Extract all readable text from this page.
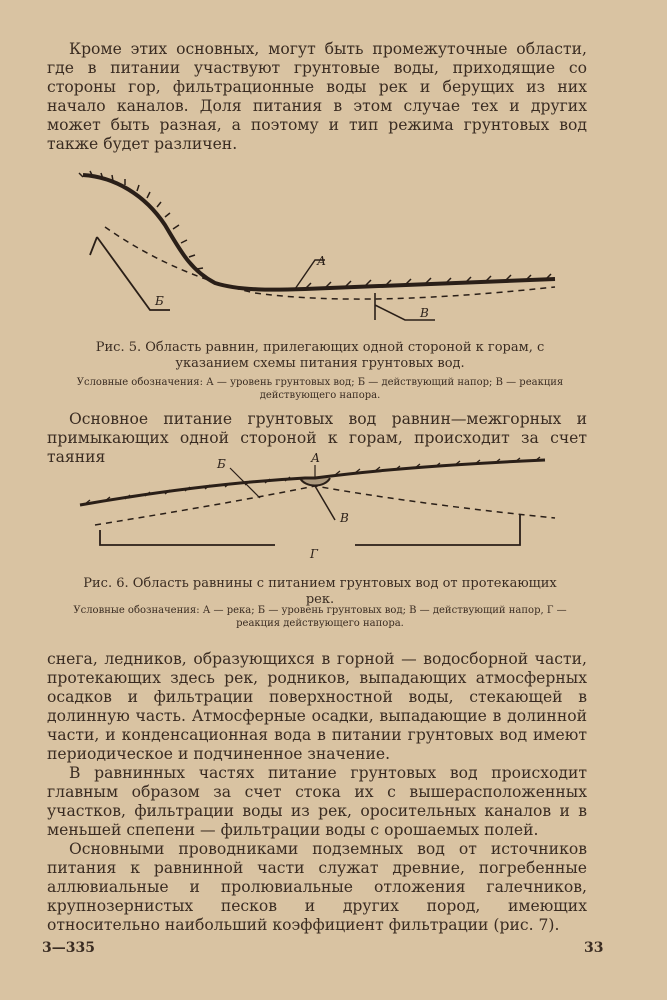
Кроме этих основных, могут быть промежуточные области, где в питании участвуют грунтовые воды, приходящие со стороны гор, фильтрационные воды рек и берущих из них начало каналов. Доля питания в этом случае тех и других может быть разная, а поэтому и тип режима грунтовых вод также будет различен.

А
Б
В

Рис. 5. Область равнин, прилегающих одной стороной к горам, с указанием схемы питания грунтовых вод.

Условные обозначения: А — уровень грунтовых вод; Б — действующий напор; В — реакция действующего напора.

Основное питание грунтовых вод равнин—межгорных и примыкающих одной стороной к горам, происходит за счет таяния	А
Б
В
Г

Рис. 6. Область равнины с питанием грунтовых вод от протекающих рек.

Условные обозначения: А — река; Б — уровень грунтовых вод; В — действующий напор, Г — реакция действующего напора.

снега, ледников, образующихся в горной — водосборной части, протекающих здесь рек, родников, выпадающих атмосферных осадков и фильтрации поверхностной воды, стекающей в долинную часть. Атмосферные осадки, выпадающие в долинной части, и конденсационная вода в питании грунтовых вод имеют периодическое и подчиненное значение.

В равнинных частях питание грунтовых вод происходит главным образом за счет стока их с вышерасположенных участков, фильтрации воды из рек, оросительных каналов и в меньшей спепени — фильтрации воды с орошаемых полей.

Основными проводниками подземных вод от источников питания к равнинной части служат древние, погребенные аллювиальные и пролювиальные отложения галечников, крупнозернистых песков и других пород, имеющих относительно наибольший коэффициент фильтрации (рис. 7).

3—335	33
